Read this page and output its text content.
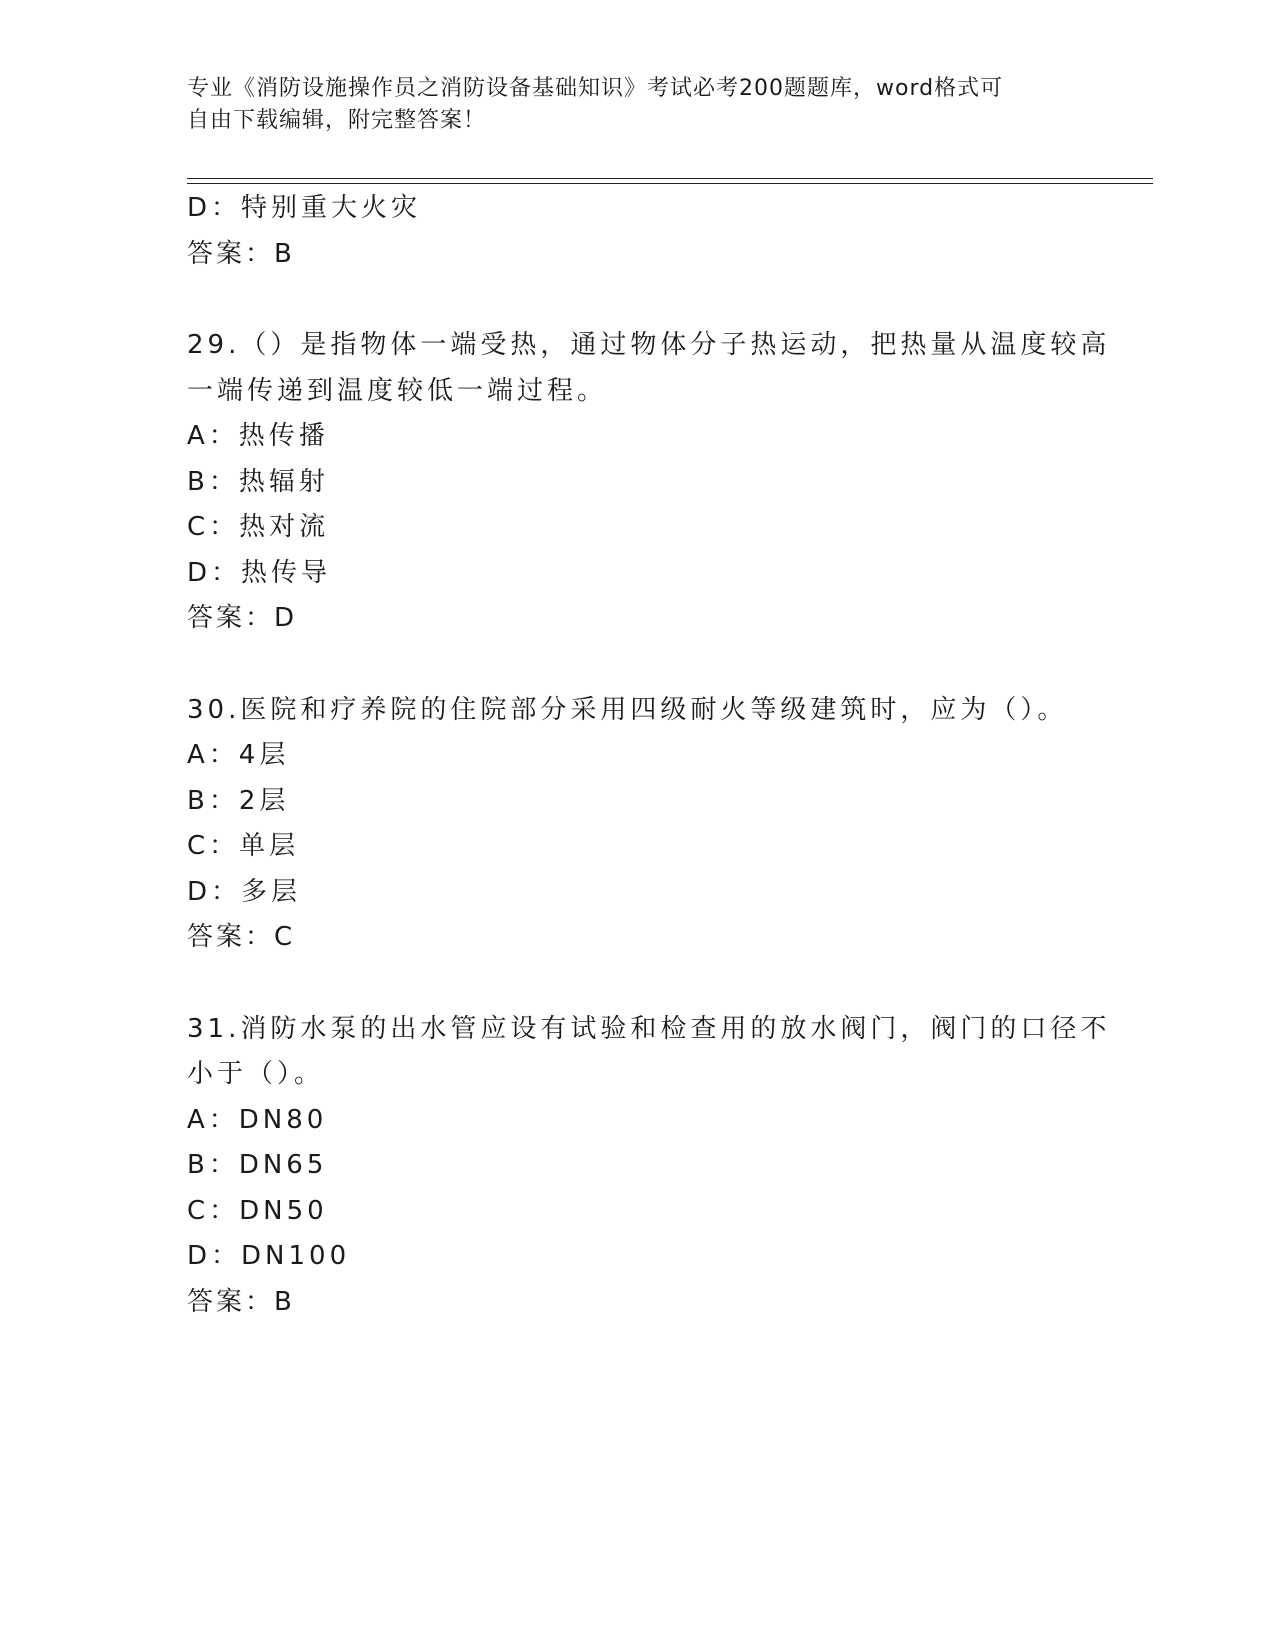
专业《消防设施操作员之消防设备基础知识》考试必考200题题库，word格式可
自由下载编辑，附完整答案！
D：特别重大火灾
答案：B
29.（）是指物体一端受热，通过物体分子热运动，把热量从温度较高
一端传递到温度较低一端过程。
A：热传播
B：热辐射
C：热对流
D：热传导
答案：D
30.医院和疗养院的住院部分采用四级耐火等级建筑时，应为（）。
A：4层
B：2层
C：单层
D：多层
答案：C
31.消防水泵的出水管应设有试验和检查用的放水阀门，阀门的口径不
小于（）。
A：DN80
B：DN65
C：DN50
D：DN100
答案：B
